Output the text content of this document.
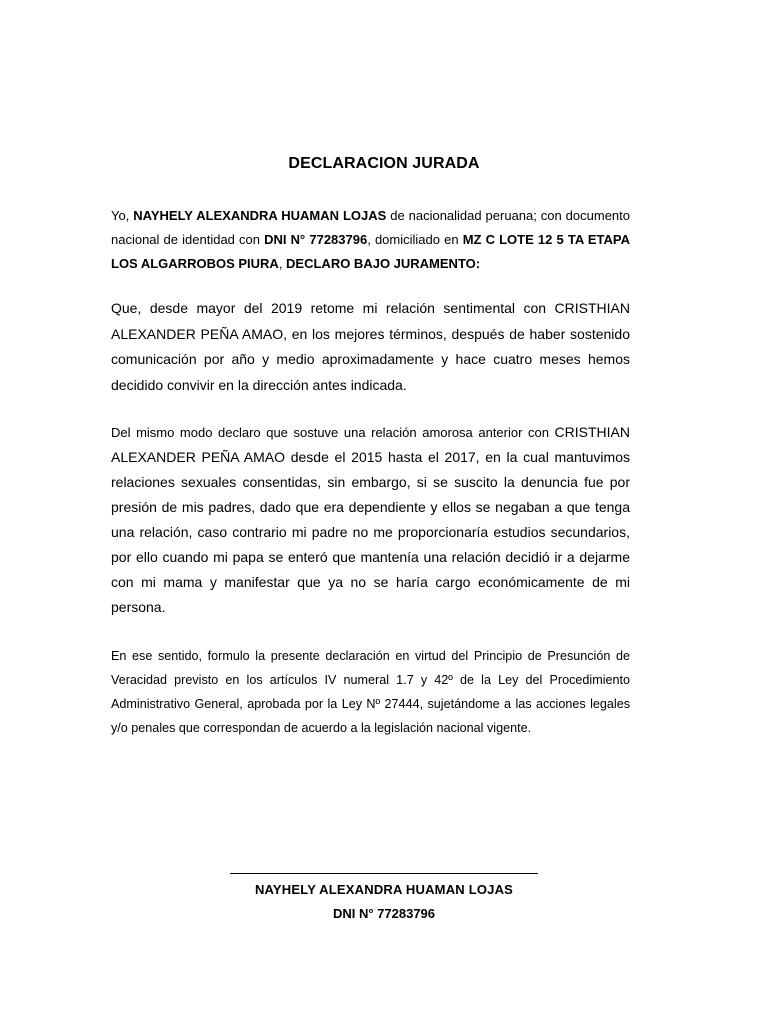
DECLARACION JURADA

Yo, NAYHELY ALEXANDRA HUAMAN LOJAS de nacionalidad peruana; con documento nacional de identidad con DNI N° 77283796, domiciliado en MZ C LOTE 12 5 TA ETAPA LOS ALGARROBOS PIURA, DECLARO BAJO JURAMENTO:

Que, desde mayor del 2019 retome mi relación sentimental con CRISTHIAN ALEXANDER PEÑA AMAO, en los mejores términos, después de haber sostenido comunicación por año y medio aproximadamente y hace cuatro meses hemos decidido convivir en la dirección antes indicada.

Del mismo modo declaro que sostuve una relación amorosa anterior con CRISTHIAN ALEXANDER PEÑA AMAO desde el 2015 hasta el 2017, en la cual mantuvimos relaciones sexuales consentidas, sin embargo, si se suscito la denuncia fue por presión de mis padres, dado que era dependiente y ellos se negaban a que tenga una relación, caso contrario mi padre no me proporcionaría estudios secundarios, por ello cuando mi papa se enteró que mantenía una relación decidió ir a dejarme con mi mama y manifestar que ya no se haría cargo económicamente de mi persona.

En ese sentido, formulo la presente declaración en virtud del Principio de Presunción de Veracidad previsto en los artículos IV numeral 1.7 y 42º de la Ley del Procedimiento Administrativo General, aprobada por la Ley Nº 27444, sujetándome a las acciones legales y/o penales que correspondan de acuerdo a la legislación nacional vigente.

NAYHELY ALEXANDRA HUAMAN LOJAS
DNI N° 77283796
